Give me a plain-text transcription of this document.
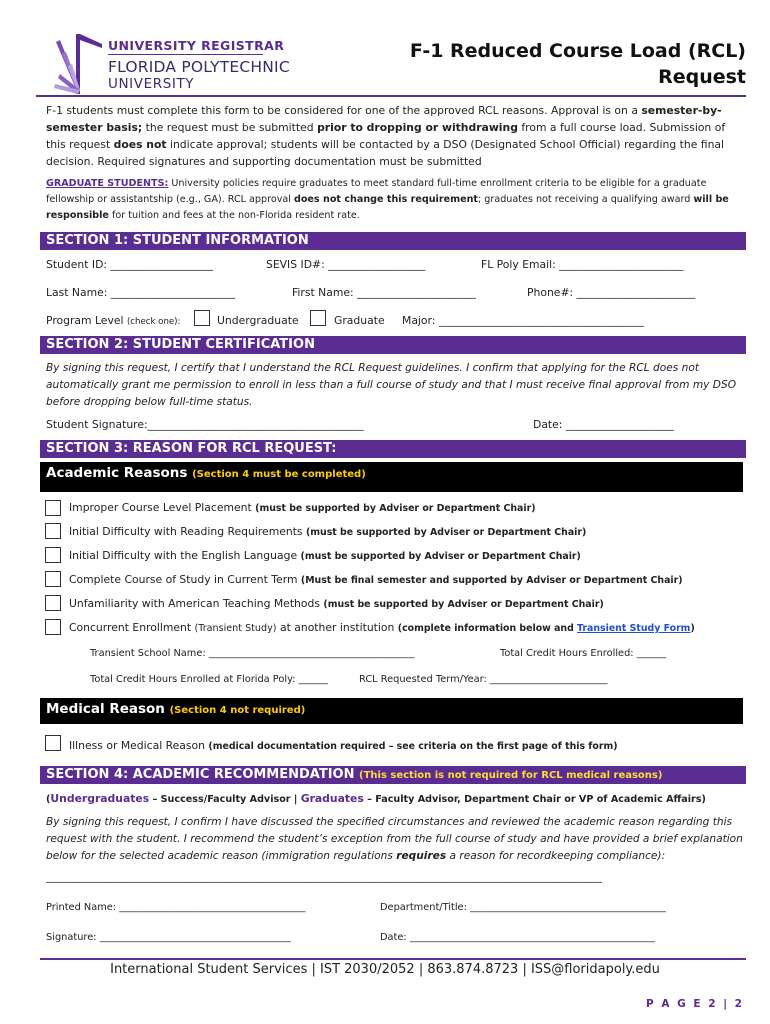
UNIVERSITY REGISTRAR
FLORIDA POLYTECHNIC
UNIVERSITY
F-1 Reduced Course Load (RCL)
Request
F-1 students must complete this form to be considered for one of the approved RCL reasons. Approval is on a semester-by-semester basis; the request must be submitted prior to dropping or withdrawing from a full course load. Submission of this request does not indicate approval; students will be contacted by a DSO (Designated School Official) regarding the final decision. Required signatures and supporting documentation must be submitted
GRADUATE STUDENTS: University policies require graduates to meet standard full-time enrollment criteria to be eligible for a graduate fellowship or assistantship (e.g., GA). RCL approval does not change this requirement; graduates not receiving a qualifying award will be responsible for tuition and fees at the non-Florida resident rate.
SECTION 1: STUDENT INFORMATION
Student ID: ___________________	SEVIS ID#: __________________	FL Poly Email: _______________________
Last Name: _______________________	First Name: ______________________	Phone#: ______________________
Program Level (check one):	Undergraduate	Graduate Major: ______________________________________
SECTION 2: STUDENT CERTIFICATION
By signing this request, I certify that I understand the RCL Request guidelines. I confirm that applying for the RCL does not automatically grant me permission to enroll in less than a full course of study and that I must receive final approval from my DSO before dropping below full-time status.
Student Signature:________________________________________	Date: ____________________
SECTION 3: REASON FOR RCL REQUEST:
Academic Reasons (Section 4 must be completed)
Improper Course Level Placement (must be supported by Adviser or Department Chair)
Initial Difficulty with Reading Requirements (must be supported by Adviser or Department Chair)
Initial Difficulty with the English Language (must be supported by Adviser or Department Chair)
Complete Course of Study in Current Term (Must be final semester and supported by Adviser or Department Chair)
Unfamiliarity with American Teaching Methods (must be supported by Adviser or Department Chair)
Concurrent Enrollment (Transient Study) at another institution (complete information below and Transient Study Form)
Transient School Name: __________________________________________	Total Credit Hours Enrolled: ______
Total Credit Hours Enrolled at Florida Poly: ______	RCL Requested Term/Year: ________________________
Medical Reason (Section 4 not required)
Illness or Medical Reason (medical documentation required – see criteria on the first page of this form)
SECTION 4: ACADEMIC RECOMMENDATION (This section is not required for RCL medical reasons)
(Undergraduates – Success/Faculty Advisor | Graduates – Faculty Advisor, Department Chair or VP of Academic Affairs)
By signing this request, I confirm I have discussed the specified circumstances and reviewed the academic reason regarding this request with the student. I recommend the student’s exception from the full course of study and have provided a brief explanation below for the selected academic reason (immigration regulations requires a reason for recordkeeping compliance):
_______________________________________________________________________________________________________
Printed Name: ______________________________________	Department/Title: ________________________________________
Signature: _______________________________________	Date: __________________________________________________
International Student Services | IST 2030/2052 | 863.874.8723 | ISS@floridapoly.edu
P A G E 2 | 2
